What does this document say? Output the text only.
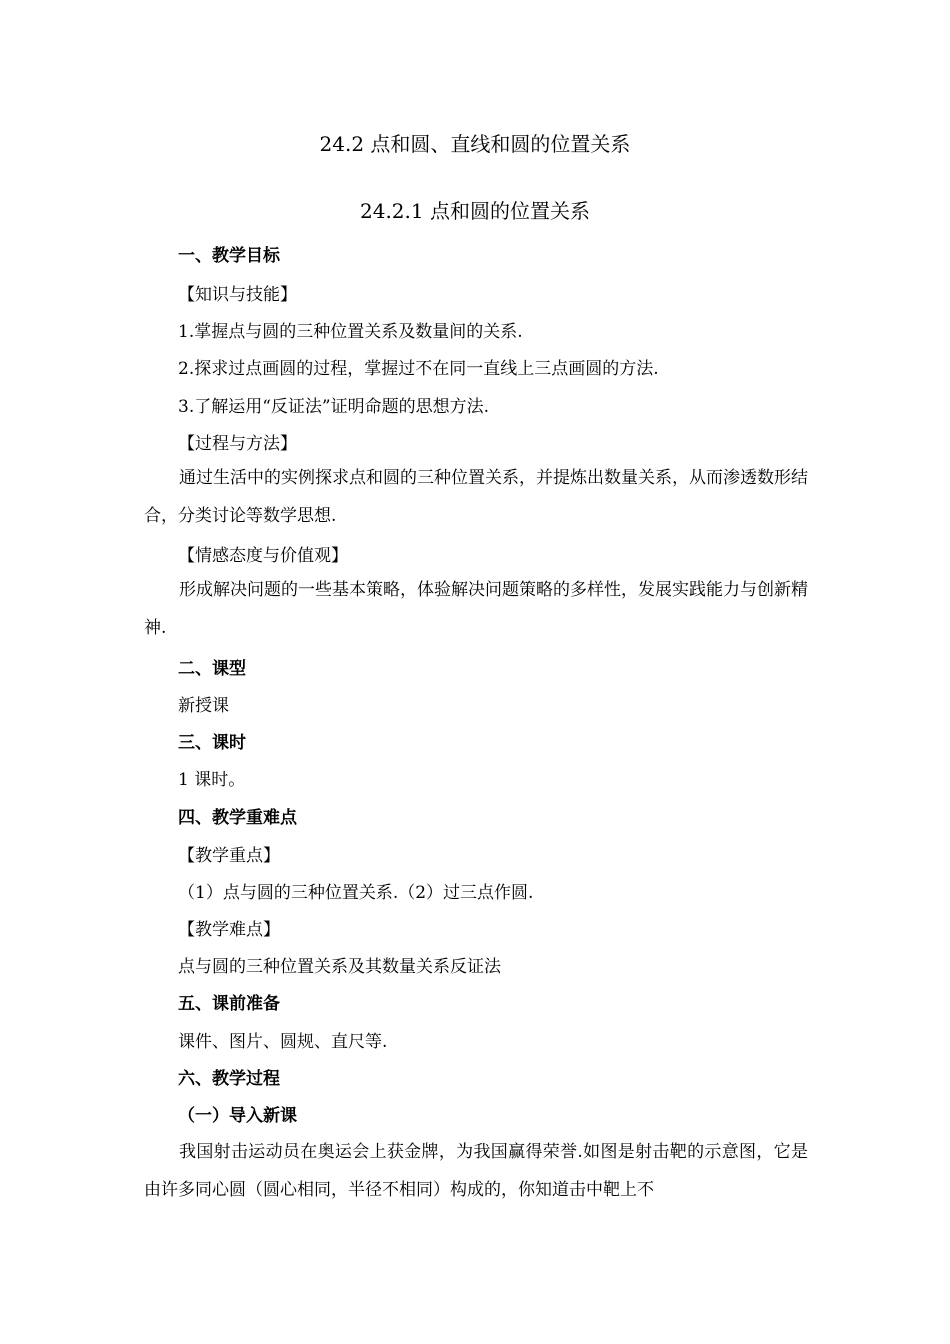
24.2 点和圆、直线和圆的位置关系
24.2.1 点和圆的位置关系
一、教学目标
【知识与技能】
1.掌握点与圆的三种位置关系及数量间的关系.
2.探求过点画圆的过程，掌握过不在同一直线上三点画圆的方法.
3.了解运用“反证法”证明命题的思想方法.
【过程与方法】
通过生活中的实例探求点和圆的三种位置关系，并提炼出数量关系，从而渗透数形结合，分类讨论等数学思想.
【情感态度与价值观】
形成解决问题的一些基本策略，体验解决问题策略的多样性，发展实践能力与创新精神.
二、课型
新授课
三、课时
1 课时。
四、教学重难点
【教学重点】
（1）点与圆的三种位置关系.（2）过三点作圆.
【教学难点】
点与圆的三种位置关系及其数量关系反证法
五、课前准备
课件、图片、圆规、直尺等.
六、教学过程
（一）导入新课
我国射击运动员在奥运会上获金牌，为我国赢得荣誉.如图是射击靶的示意图，它是由许多同心圆（圆心相同，半径不相同）构成的，你知道击中靶上不
